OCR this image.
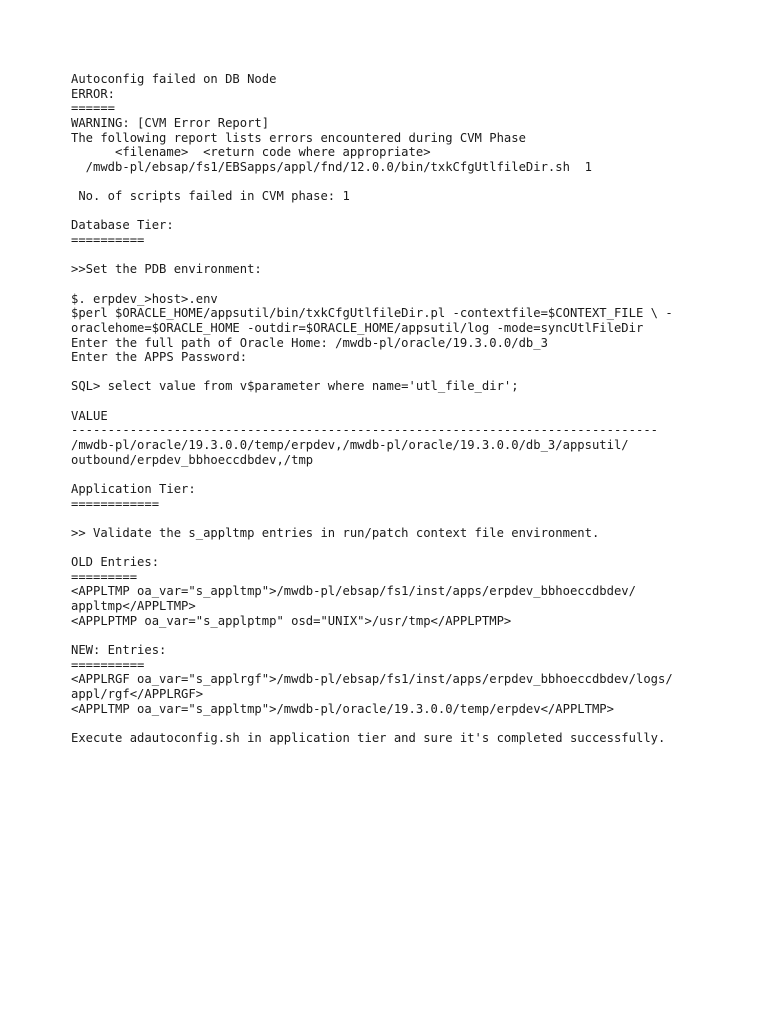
Autoconfig failed on DB Node
ERROR:
======
WARNING: [CVM Error Report]
The following report lists errors encountered during CVM Phase
<filename>  <return code where appropriate>
/mwdb-pl/ebsap/fs1/EBSapps/appl/fnd/12.0.0/bin/txkCfgUtlfileDir.sh  1
No. of scripts failed in CVM phase: 1
Database Tier:
==========
>>Set the PDB environment:
$. erpdev_>host>.env
$perl $ORACLE_HOME/appsutil/bin/txkCfgUtlfileDir.pl -contextfile=$CONTEXT_FILE \ -
oraclehome=$ORACLE_HOME -outdir=$ORACLE_HOME/appsutil/log -mode=syncUtlFileDir
Enter the full path of Oracle Home: /mwdb-pl/oracle/19.3.0.0/db_3
Enter the APPS Password:
SQL> select value from v$parameter where name='utl_file_dir';
VALUE
--------------------------------------------------------------------------------
/mwdb-pl/oracle/19.3.0.0/temp/erpdev,/mwdb-pl/oracle/19.3.0.0/db_3/appsutil/
outbound/erpdev_bbhoeccdbdev,/tmp
Application Tier:
============
>> Validate the s_appltmp entries in run/patch context file environment.
OLD Entries:
=========
<APPLTMP oa_var="s_appltmp">/mwdb-pl/ebsap/fs1/inst/apps/erpdev_bbhoeccdbdev/
appltmp</APPLTMP>
<APPLPTMP oa_var="s_applptmp" osd="UNIX">/usr/tmp</APPLPTMP>
NEW: Entries:
==========
<APPLRGF oa_var="s_applrgf">/mwdb-pl/ebsap/fs1/inst/apps/erpdev_bbhoeccdbdev/logs/
appl/rgf</APPLRGF>
<APPLTMP oa_var="s_appltmp">/mwdb-pl/oracle/19.3.0.0/temp/erpdev</APPLTMP>
Execute adautoconfig.sh in application tier and sure it's completed successfully.
